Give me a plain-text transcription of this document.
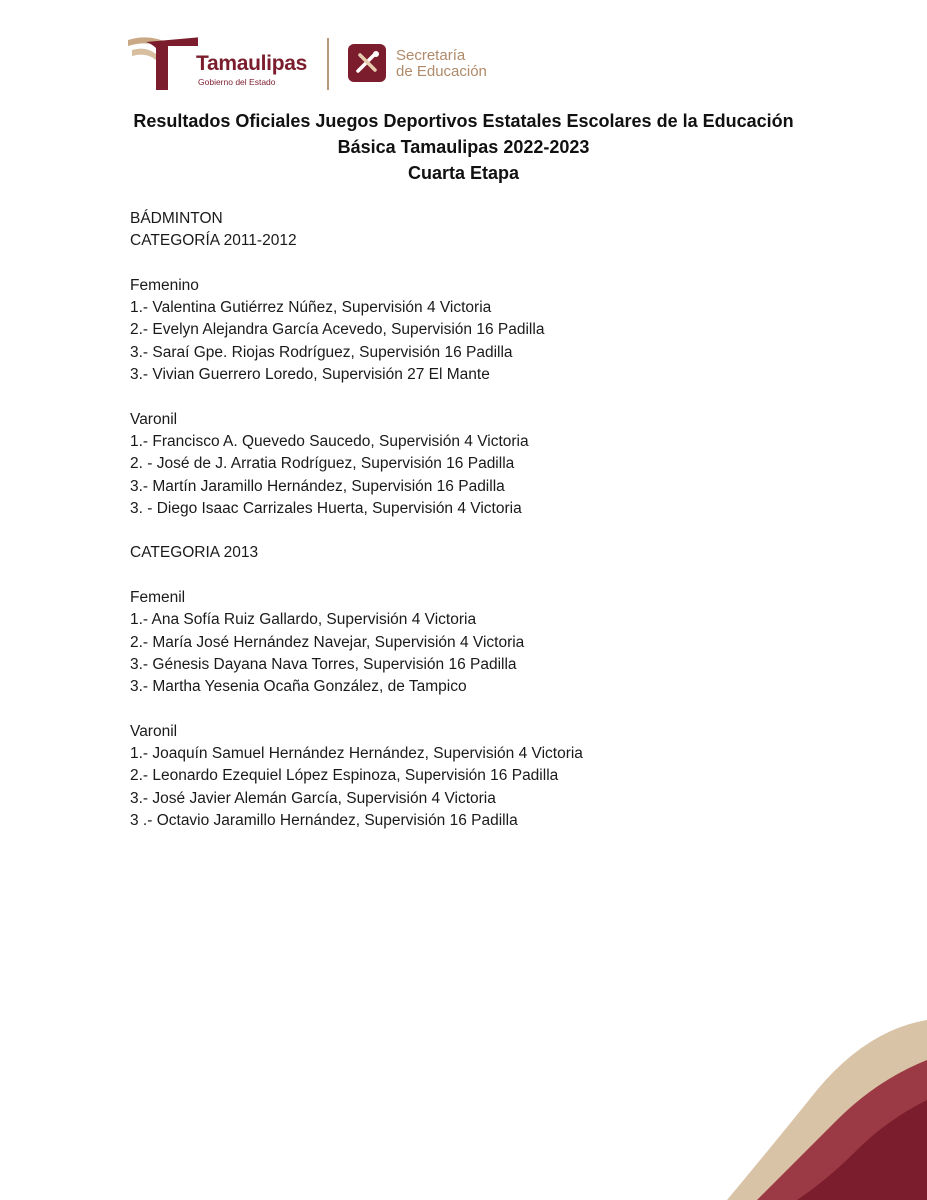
Tamaulipas
Gobierno del Estado
Secretaría
de Educación
Resultados Oficiales Juegos Deportivos Estatales Escolares de la Educación
Básica Tamaulipas 2022-2023
Cuarta Etapa

BÁDMINTON

CATEGORÍA 2011-2012

Femenino

1.- Valentina Gutiérrez Núñez, Supervisión 4 Victoria

2.- Evelyn Alejandra García Acevedo, Supervisión 16 Padilla

3.- Saraí Gpe. Riojas Rodríguez, Supervisión 16 Padilla

3.- Vivian Guerrero Loredo, Supervisión 27 El Mante

Varonil

1.- Francisco A. Quevedo Saucedo, Supervisión 4 Victoria

2. - José de J. Arratia Rodríguez, Supervisión 16 Padilla

3.- Martín Jaramillo Hernández, Supervisión 16 Padilla

3. - Diego Isaac Carrizales Huerta, Supervisión 4 Victoria

CATEGORIA 2013

Femenil

1.- Ana Sofía Ruiz Gallardo, Supervisión 4 Victoria

2.- María José Hernández Navejar, Supervisión 4 Victoria

3.- Génesis Dayana Nava Torres, Supervisión 16 Padilla

3.- Martha Yesenia Ocaña González, de Tampico

Varonil

1.- Joaquín Samuel Hernández Hernández, Supervisión 4 Victoria

2.- Leonardo Ezequiel López Espinoza, Supervisión 16 Padilla

3.- José Javier Alemán García, Supervisión 4 Victoria

3 .- Octavio Jaramillo Hernández, Supervisión 16 Padilla
